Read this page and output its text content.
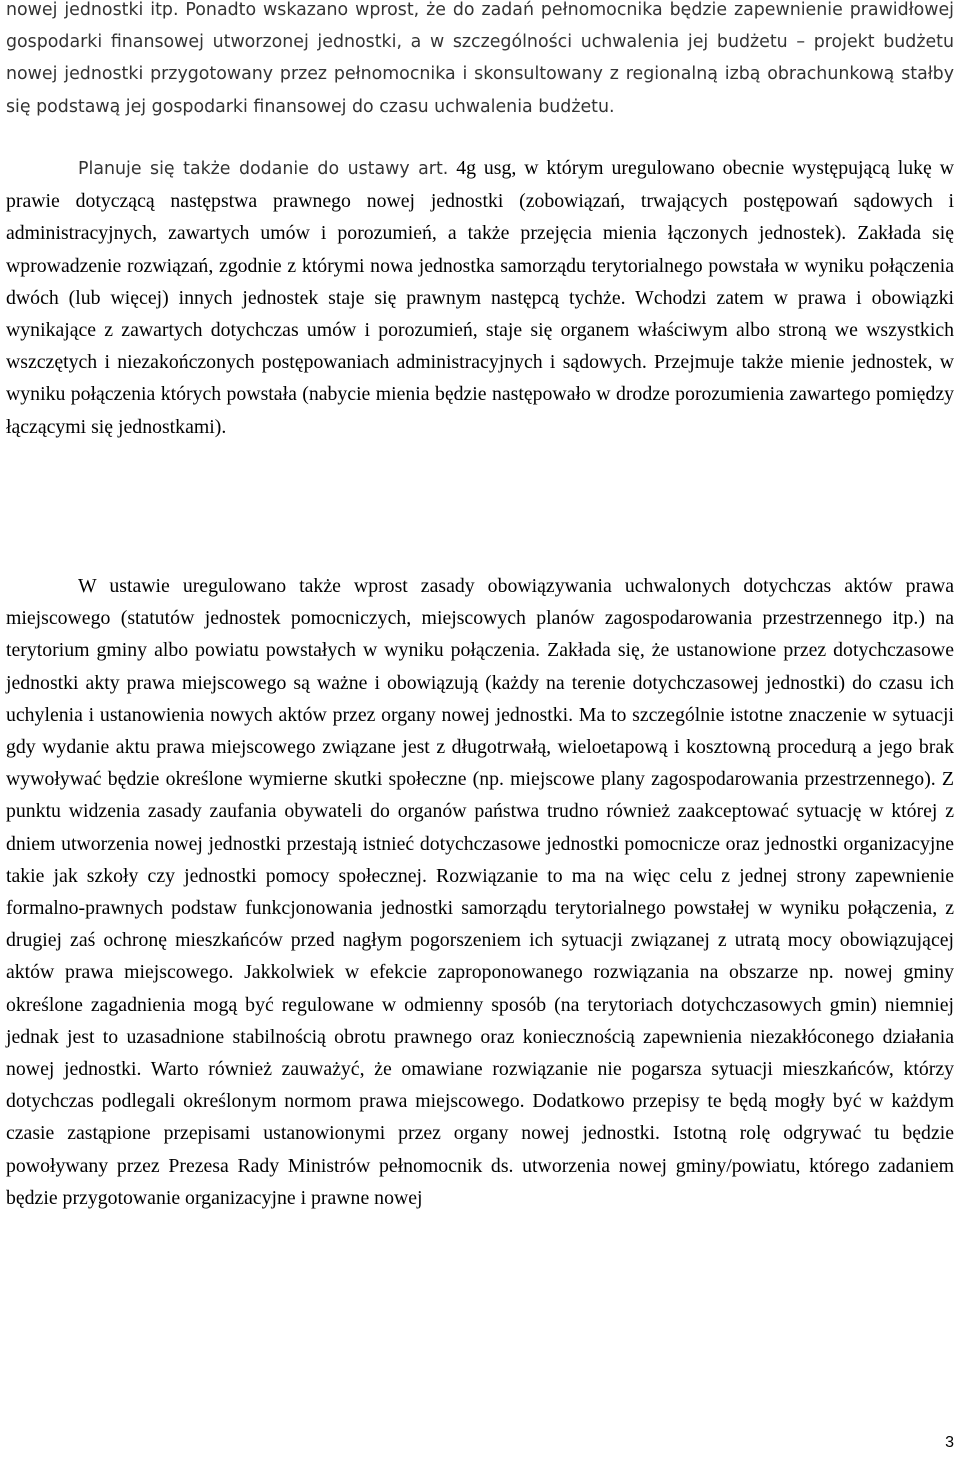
nowej jednostki itp. Ponadto wskazano wprost, że do zadań pełnomocnika będzie zapewnienie prawidłowej gospodarki finansowej utworzonej jednostki, a w szczególności uchwalenia jej budżetu – projekt budżetu nowej jednostki przygotowany przez pełnomocnika i skonsultowany z regionalną izbą obrachunkową stałby się podstawą jej gospodarki finansowej do czasu uchwalenia budżetu.

Planuje się także dodanie do ustawy art. 4g usg, w którym uregulowano obecnie występującą lukę w prawie dotyczącą następstwa prawnego nowej jednostki (zobowiązań, trwających postępowań sądowych i administracyjnych, zawartych umów i porozumień, a także przejęcia mienia łączonych jednostek). Zakłada się wprowadzenie rozwiązań, zgodnie z którymi nowa jednostka samorządu terytorialnego powstała w wyniku połączenia dwóch (lub więcej) innych jednostek staje się prawnym następcą tychże. Wchodzi zatem w prawa i obowiązki wynikające z zawartych dotychczas umów i porozumień, staje się organem właściwym albo stroną we wszystkich wszczętych i niezakończonych postępowaniach administracyjnych i sądowych. Przejmuje także mienie jednostek, w wyniku połączenia których powstała (nabycie mienia będzie następowało w drodze porozumienia zawartego pomiędzy łączącymi się jednostkami).

W ustawie uregulowano także wprost zasady obowiązywania uchwalonych dotychczas aktów prawa miejscowego (statutów jednostek pomocniczych, miejscowych planów zagospodarowania przestrzennego itp.) na terytorium gminy albo powiatu powstałych w wyniku połączenia. Zakłada się, że ustanowione przez dotychczasowe jednostki akty prawa miejscowego są ważne i obowiązują (każdy na terenie dotychczasowej jednostki) do czasu ich uchylenia i ustanowienia nowych aktów przez organy nowej jednostki. Ma to szczególnie istotne znaczenie w sytuacji gdy wydanie aktu prawa miejscowego związane jest z długotrwałą, wieloetapową i kosztowną procedurą a jego brak wywoływać będzie określone wymierne skutki społeczne (np. miejscowe plany zagospodarowania przestrzennego). Z punktu widzenia zasady zaufania obywateli do organów państwa trudno również zaakceptować sytuację w której z dniem utworzenia nowej jednostki przestają istnieć dotychczasowe jednostki pomocnicze oraz jednostki organizacyjne takie jak szkoły czy jednostki pomocy społecznej. Rozwiązanie to ma na więc celu z jednej strony zapewnienie formalno-prawnych podstaw funkcjonowania jednostki samorządu terytorialnego powstałej w wyniku połączenia, z drugiej zaś ochronę mieszkańców przed nagłym pogorszeniem ich sytuacji związanej z utratą mocy obowiązującej aktów prawa miejscowego. Jakkolwiek w efekcie zaproponowanego rozwiązania na obszarze np. nowej gminy określone zagadnienia mogą być regulowane w odmienny sposób (na terytoriach dotychczasowych gmin) niemniej jednak jest to uzasadnione stabilnością obrotu prawnego oraz koniecznością zapewnienia niezakłóconego działania nowej jednostki. Warto również zauważyć, że omawiane rozwiązanie nie pogarsza sytuacji mieszkańców, którzy dotychczas podlegali określonym normom prawa miejscowego. Dodatkowo przepisy te będą mogły być w każdym czasie zastąpione przepisami ustanowionymi przez organy nowej jednostki. Istotną rolę odgrywać tu będzie powoływany przez Prezesa Rady Ministrów pełnomocnik ds. utworzenia nowej gminy/powiatu, którego zadaniem będzie przygotowanie organizacyjne i prawne nowej

3
